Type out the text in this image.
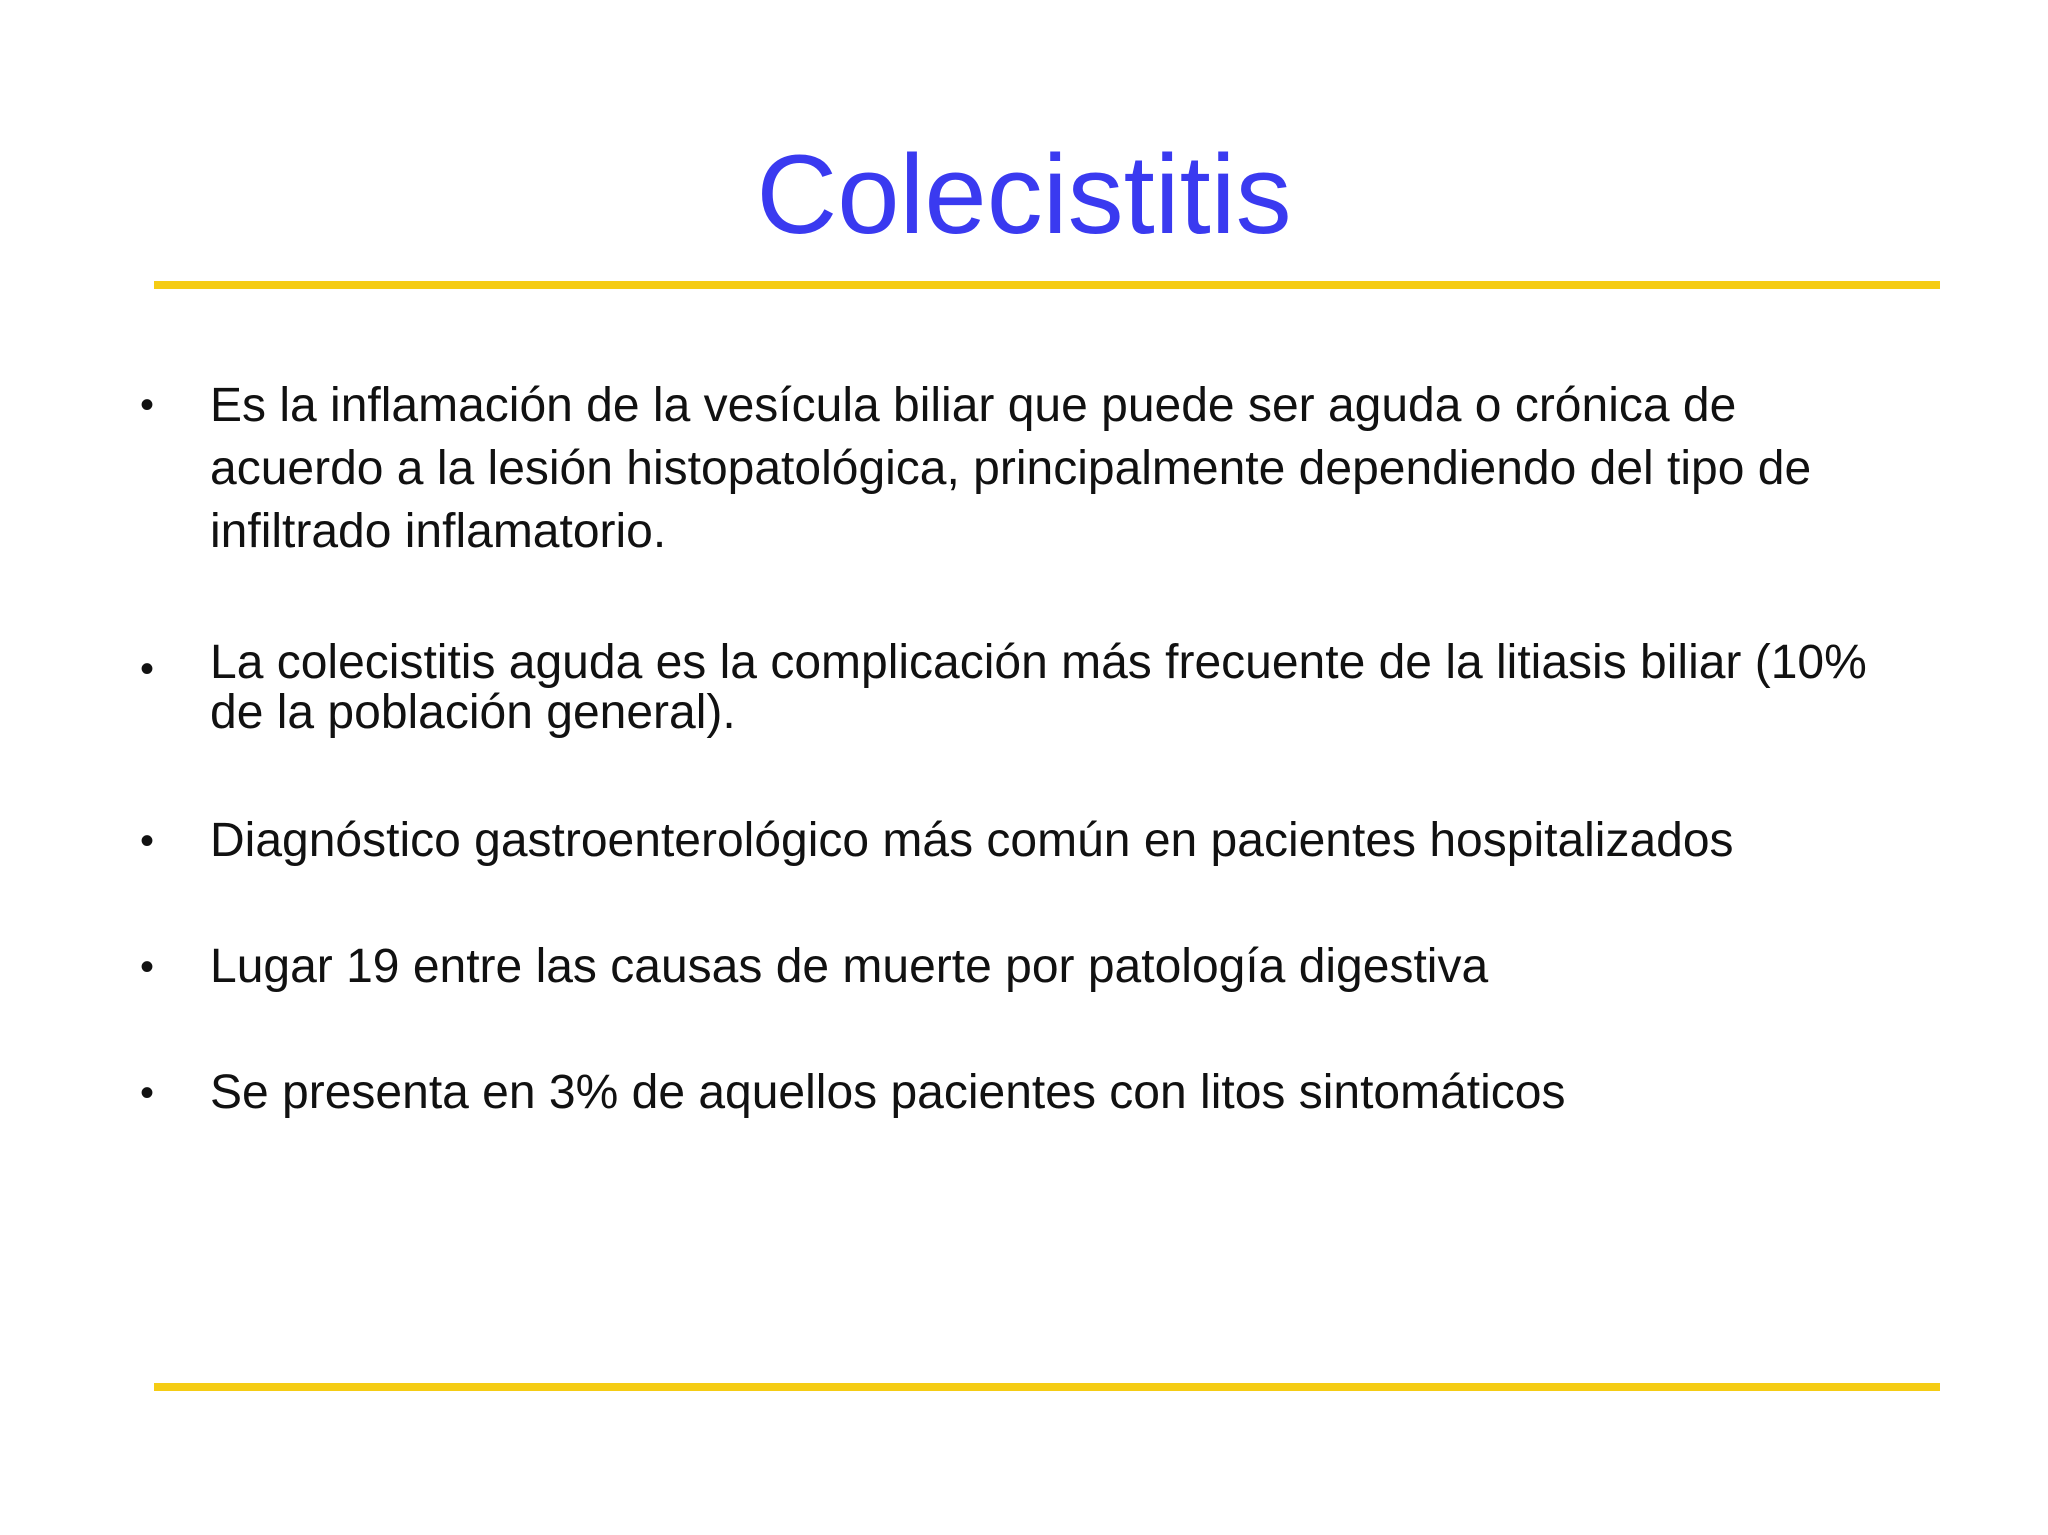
Colecistitis
• Es la inflamación de la vesícula biliar que puede ser aguda o crónica de acuerdo a la lesión histopatológica, principalmente dependiendo del tipo de infiltrado inflamatorio.
• La colecistitis aguda es la complicación más frecuente de la litiasis biliar (10% de la población general).
• Diagnóstico gastroenterológico más común en pacientes hospitalizados
• Lugar 19 entre las causas de muerte por patología digestiva
• Se presenta en 3% de aquellos pacientes con litos sintomáticos
